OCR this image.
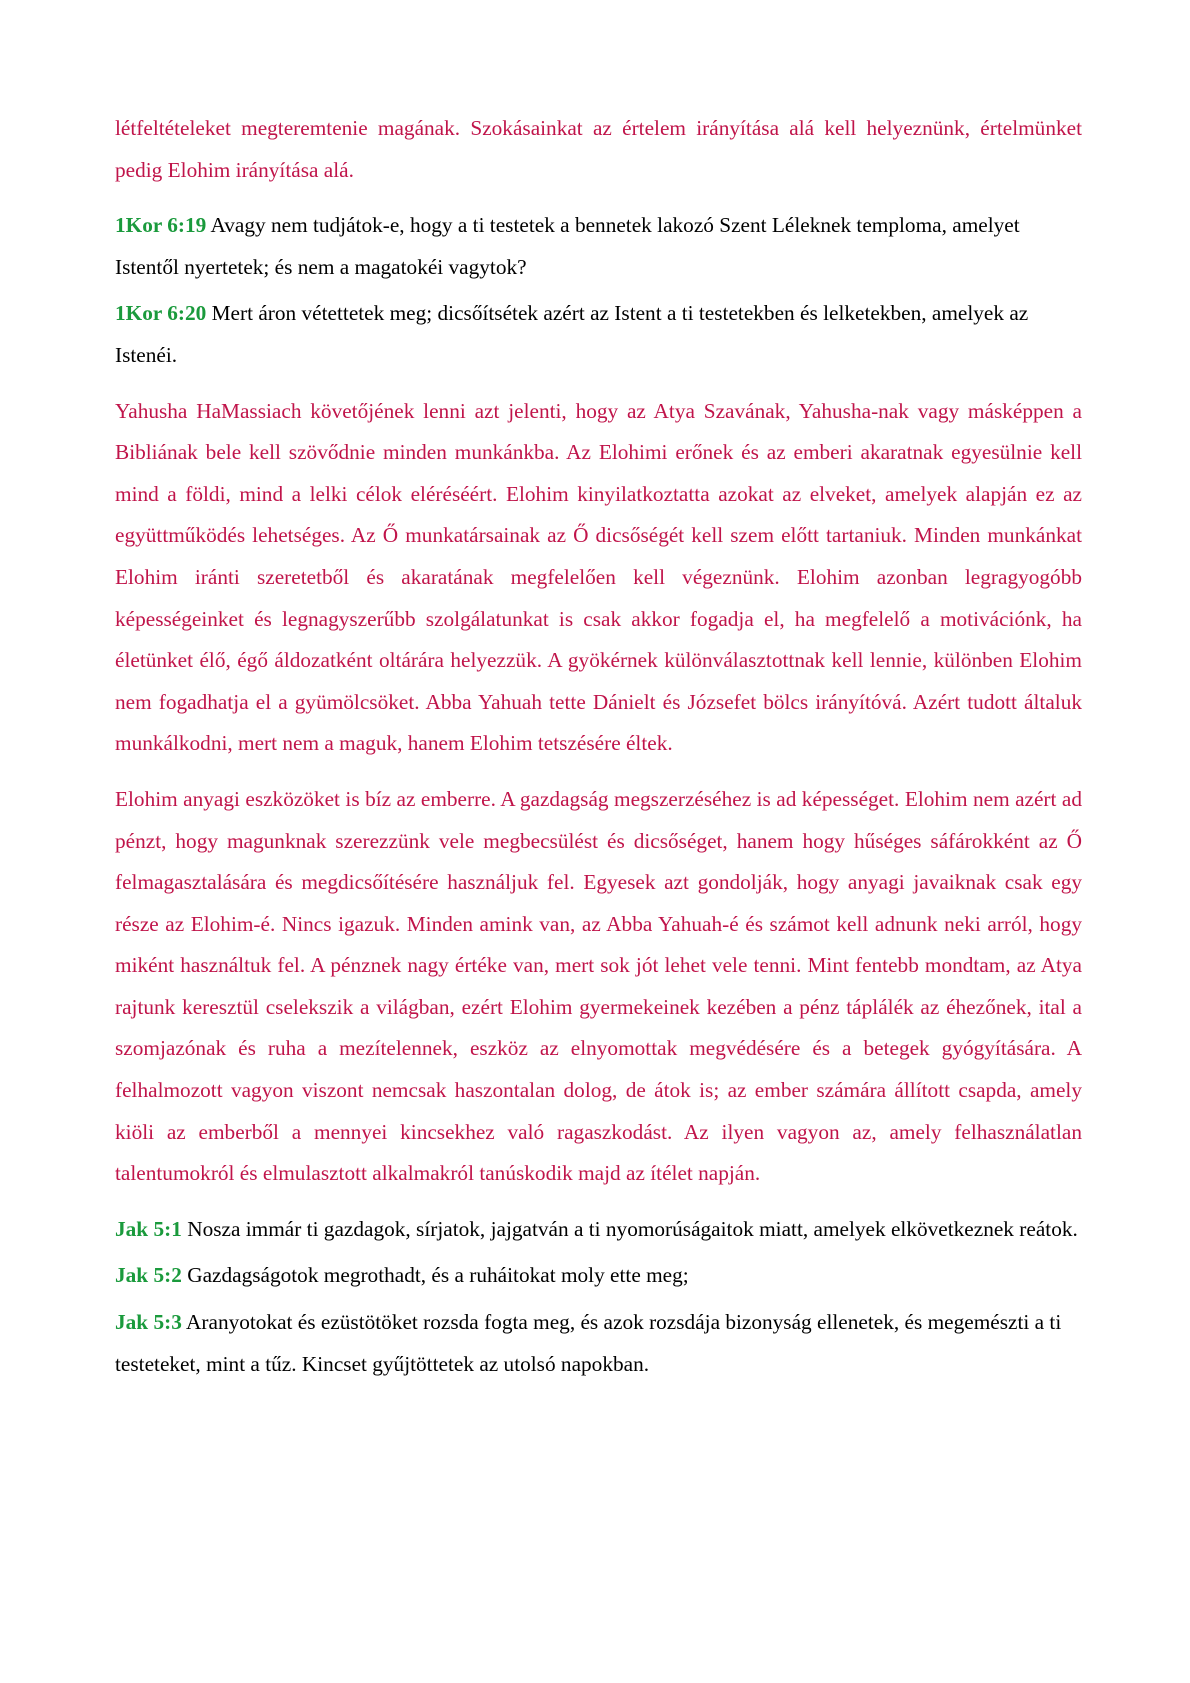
létfeltételeket megteremtenie magának. Szokásainkat az értelem irányítása alá kell helyeznünk, értelmünket pedig Elohim irányítása alá.

1Kor 6:19 Avagy nem tudjátok-e, hogy a ti testetek a bennetek lakozó Szent Léleknek temploma, amelyet Istentől nyertetek; és nem a magatokéi vagytok?

1Kor 6:20 Mert áron vétettetek meg; dicsőítsétek azért az Istent a ti testetekben és lelketekben, amelyek az Istenéi.

Yahusha HaMassiach követőjének lenni azt jelenti, hogy az Atya Szavának, Yahusha-nak vagy másképpen a Bibliának bele kell szövődnie minden munkánkba. Az Elohimi erőnek és az emberi akaratnak egyesülnie kell mind a földi, mind a lelki célok eléréséért. Elohim kinyilatkoztatta azokat az elveket, amelyek alapján ez az együttműködés lehetséges. Az Ő munkatársainak az Ő dicsőségét kell szem előtt tartaniuk. Minden munkánkat Elohim iránti szeretetből és akaratának megfelelően kell végeznünk. Elohim azonban legragyogóbb képességeinket és legnagyszerűbb szolgálatunkat is csak akkor fogadja el, ha megfelelő a motivációnk, ha életünket élő, égő áldozatként oltárára helyezzük. A gyökérnek különválasztottnak kell lennie, különben Elohim nem fogadhatja el a gyümölcsöket. Abba Yahuah tette Dánielt és Józsefet bölcs irányítóvá. Azért tudott általuk munkálkodni, mert nem a maguk, hanem Elohim tetszésére éltek.

Elohim anyagi eszközöket is bíz az emberre. A gazdagság megszerzéséhez is ad képességet. Elohim nem azért ad pénzt, hogy magunknak szerezzünk vele megbecsülést és dicsőséget, hanem hogy hűséges sáfárokként az Ő felmagasztalására és megdicsőítésére használjuk fel. Egyesek azt gondolják, hogy anyagi javaiknak csak egy része az Elohim-é. Nincs igazuk. Minden amink van, az Abba Yahuah-é és számot kell adnunk neki arról, hogy miként használtuk fel. A pénznek nagy értéke van, mert sok jót lehet vele tenni. Mint fentebb mondtam, az Atya rajtunk keresztül cselekszik a világban, ezért Elohim gyermekeinek kezében a pénz táplálék az éhezőnek, ital a szomjazónak és ruha a mezítelennek, eszköz az elnyomottak megvédésére és a betegek gyógyítására. A felhalmozott vagyon viszont nemcsak haszontalan dolog, de átok is; az ember számára állított csapda, amely kiöli az emberből a mennyei kincsekhez való ragaszkodást. Az ilyen vagyon az, amely felhasználatlan talentumokról és elmulasztott alkalmakról tanúskodik majd az ítélet napján.

Jak 5:1 Nosza immár ti gazdagok, sírjatok, jajgatván a ti nyomorúságaitok miatt, amelyek elkövetkeznek reátok.

Jak 5:2 Gazdagságotok megrothadt, és a ruháitokat moly ette meg;

Jak 5:3 Aranyotokat és ezüstötöket rozsda fogta meg, és azok rozsdája bizonyság ellenetek, és megemészti a ti testeteket, mint a tűz. Kincset gyűjtöttetek az utolsó napokban.
